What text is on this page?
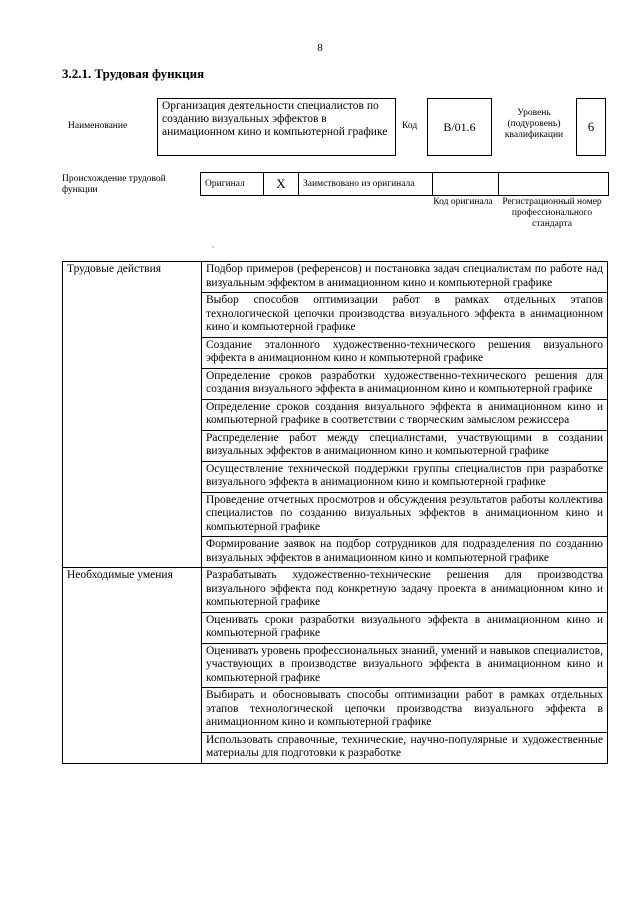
8
3.2.1. Трудовая функция
Наименование
Организация деятельности специалистов по созданию визуальных эффектов в анимационном кино и компьютерной графике	Код B/01.6
Уровень (подуровень) квалификации
6
Происхождение трудовой функции
Оригинал	X	Заимствовано из оригинала		
Код оригинала	Регистрационный номер профессионального стандарта
Трудовые действия	Подбор примеров (референсов) и постановка задач специалистам по работе над визуальным эффектом в анимационном кино и компьютерной графике
	Выбор способов оптимизации работ в рамках отдельных этапов технологической цепочки производства визуального эффекта в анимационном кино и компьютерной графике
	Создание эталонного художественно-технического решения визуального эффекта в анимационном кино и компьютерной графике
	Определение сроков разработки художественно-технического решения для создания визуального эффекта в анимационном кино и компьютерной графике
	Определение сроков создания визуального эффекта в анимационном кино и компьютерной графике в соответствии с творческим замыслом режиссера
	Распределение работ между специалистами, участвующими в создании визуальных эффектов в анимационном кино и компьютерной графике
	Осуществление технической поддержки группы специалистов при разработке визуального эффекта в анимационном кино и компьютерной графике
	Проведение отчетных просмотров и обсуждения результатов работы коллектива специалистов по созданию визуальных эффектов в анимационном кино и компьютерной графике
	Формирование заявок на подбор сотрудников для подразделения по созданию визуальных эффектов в анимационном кино и компьютерной графике
Необходимые умения	Разрабатывать художественно-технические решения для производства визуального эффекта под конкретную задачу проекта в анимационном кино и компьютерной графике
	Оценивать сроки разработки визуального эффекта в анимационном кино и компьютерной графике
	Оценивать уровень профессиональных знаний, умений и навыков специалистов, участвующих в производстве визуального эффекта в анимационном кино и компьютерной графике
	Выбирать и обосновывать способы оптимизации работ в рамках отдельных этапов технологической цепочки производства визуального эффекта в анимационном кино и компьютерной графике
	Использовать справочные, технические, научно-популярные и художественные материалы для подготовки к разработке
